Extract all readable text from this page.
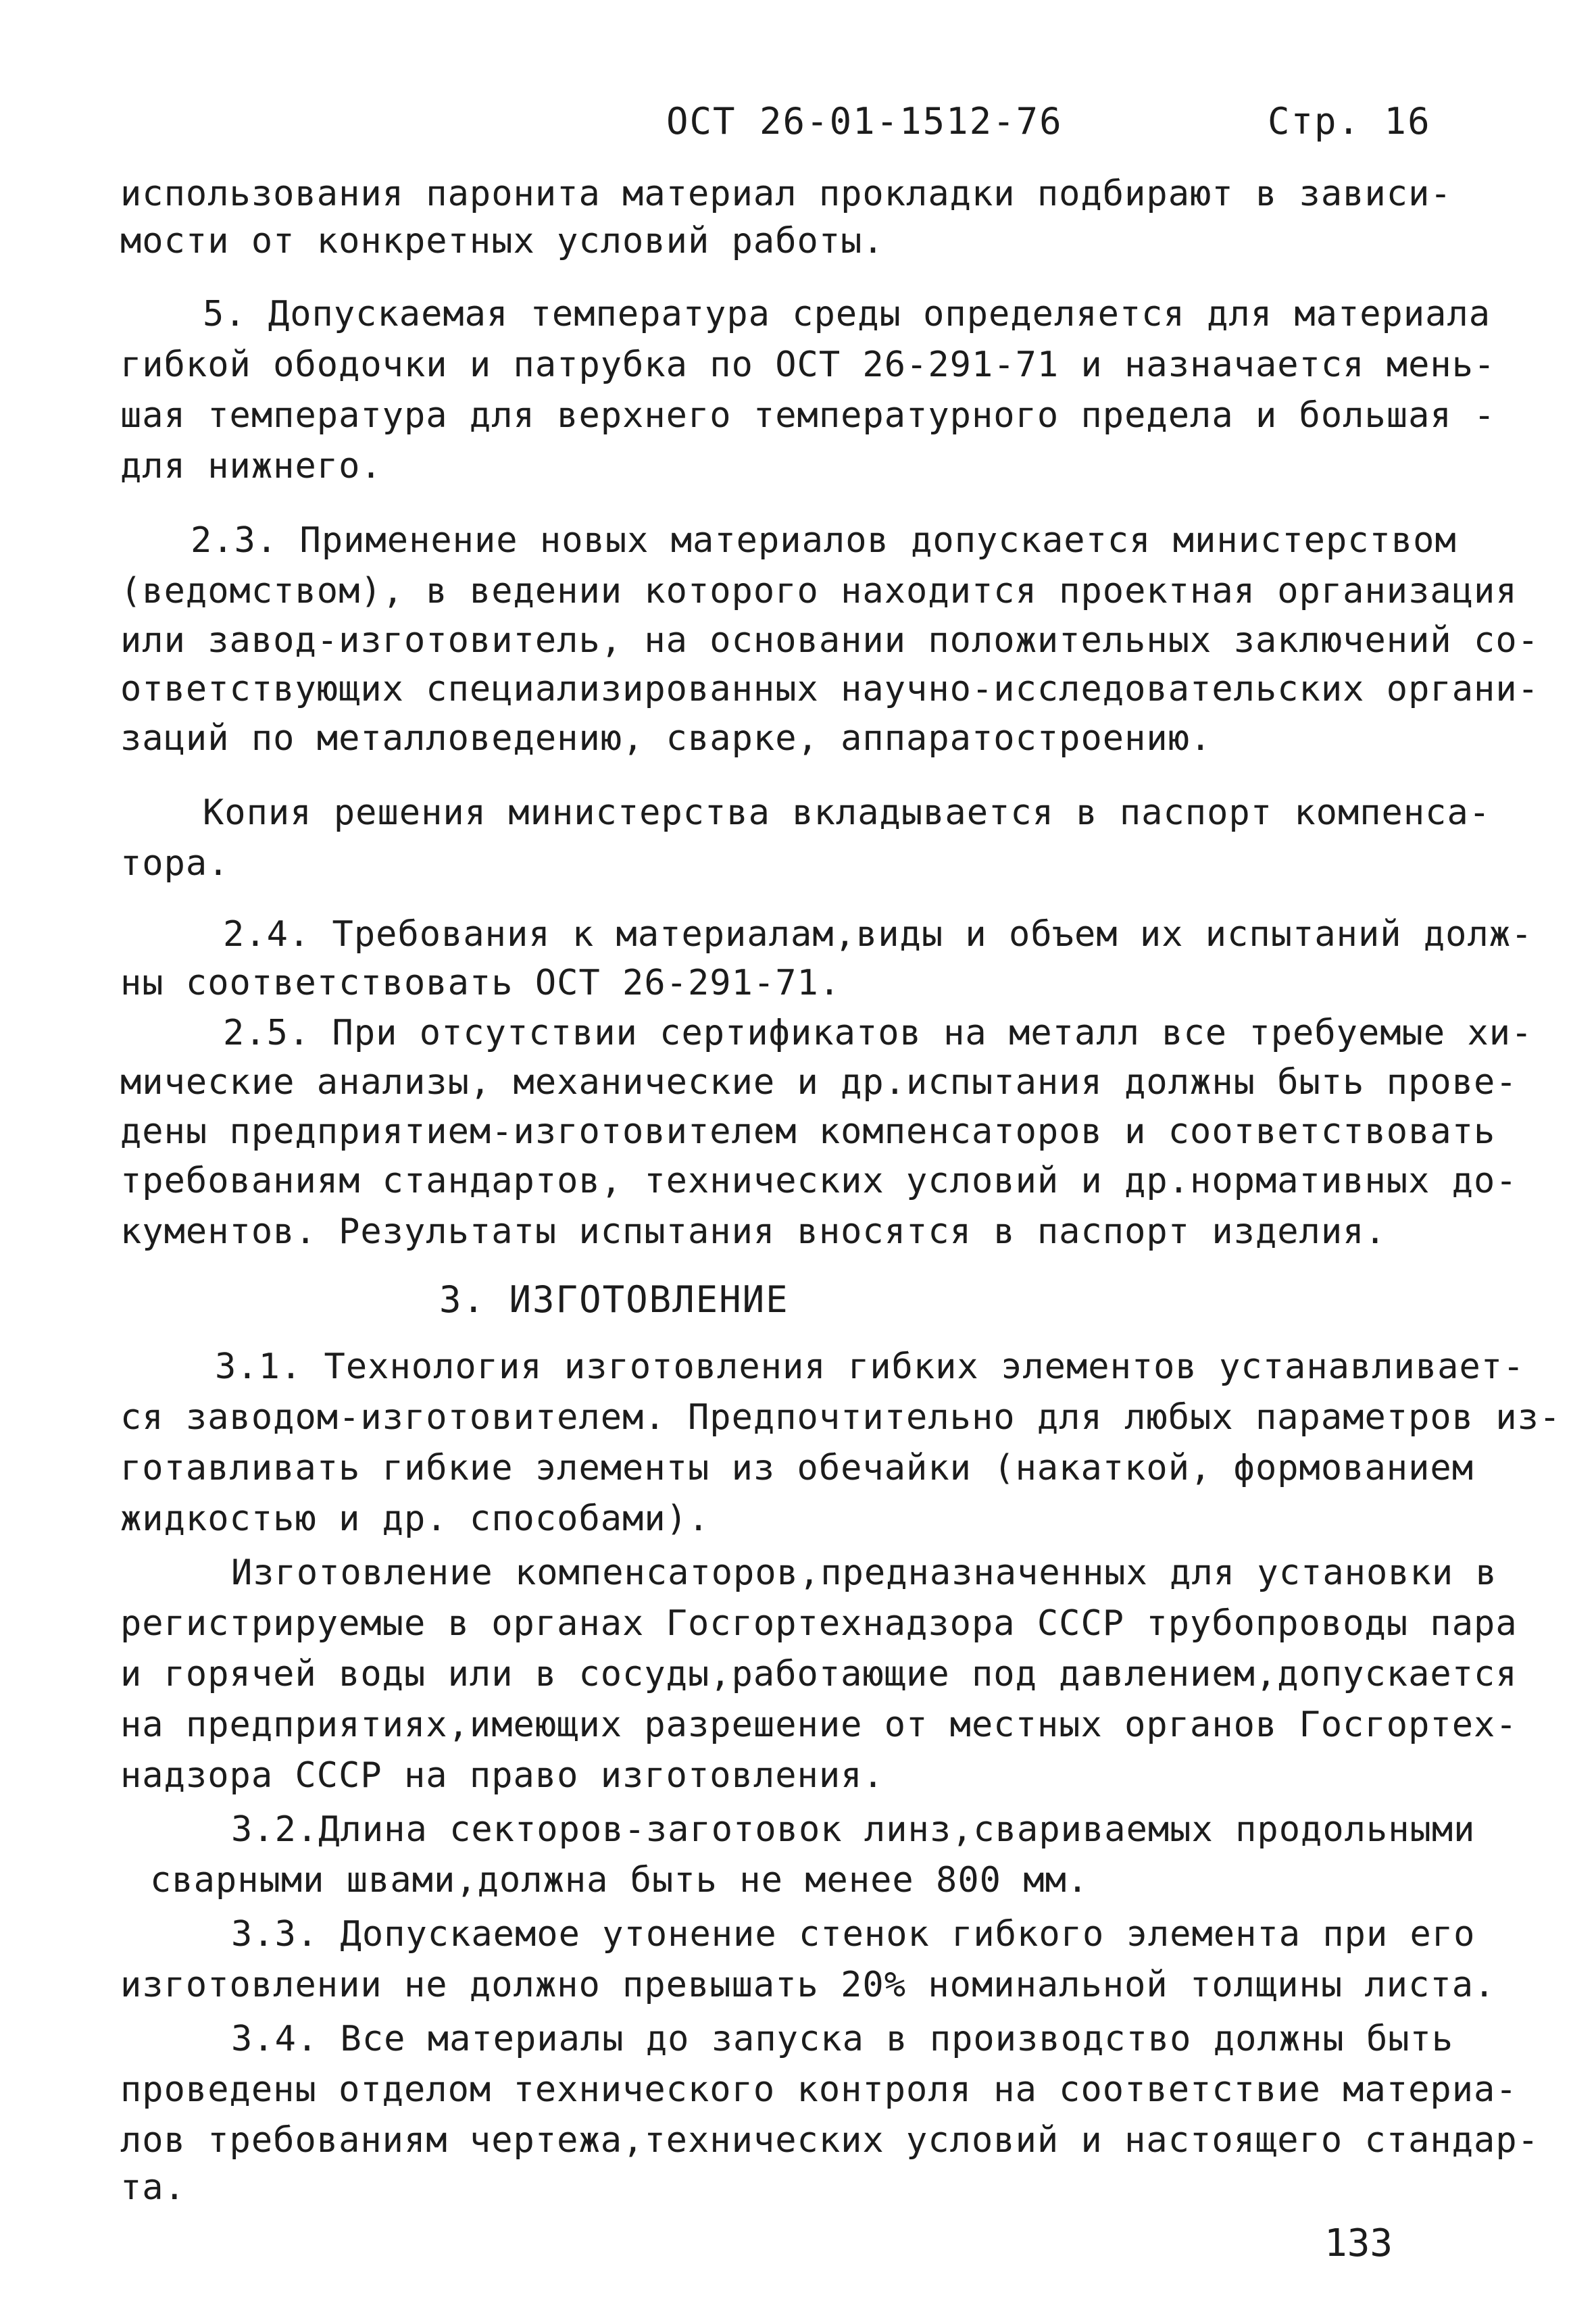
ОСТ 26-01-1512-76	Стр. 16
использования паронита материал прокладки подбирают в зависи-
мости от конкретных условий работы.
5. Допускаемая температура среды определяется для материала
гибкой ободочки и патрубка по ОСТ 26-291-71 и назначается мень-
шая температура для верхнего температурного предела и большая -
для нижнего.
2.3. Применение новых материалов допускается министерством
(ведомством), в ведении которого находится проектная организация
или завод-изготовитель, на основании положительных заключений со-
ответствующих специализированных научно-исследовательских органи-
заций по металловедению, сварке, аппаратостроению.
Копия решения министерства вкладывается в паспорт компенса-
тора.
2.4. Требования к материалам,виды и объем их испытаний долж-
ны соответствовать ОСТ 26-291-71.
2.5. При отсутствии сертификатов на металл все требуемые хи-
мические анализы, механические и др.испытания должны быть прове-
дены предприятием-изготовителем компенсаторов и соответствовать
требованиям стандартов, технических условий и др.нормативных до-
кументов. Результаты испытания вносятся в паспорт изделия.
3. ИЗГОТОВЛЕНИЕ
3.1. Технология изготовления гибких элементов устанавливает-
ся заводом-изготовителем. Предпочтительно для любых параметров из-
готавливать гибкие элементы из обечайки (накаткой, формованием
жидкостью и др. способами).
Изготовление компенсаторов,предназначенных для установки в
регистрируемые в органах Госгортехнадзора СССР трубопроводы пара
и горячей воды или в сосуды,работающие под давлением,допускается
на предприятиях,имеющих разрешение от местных органов Госгортех-
надзора СССР на право изготовления.
3.2.Длина секторов-заготовок линз,свариваемых продольными
сварными швами,должна быть не менее 800 мм.
3.3. Допускаемое утонение стенок гибкого элемента при его
изготовлении не должно превышать 20% номинальной толщины листа.
3.4. Все материалы до запуска в производство должны быть
проведены отделом технического контроля на соответствие материа-
лов требованиям чертежа,технических условий и настоящего стандар-
та.
133
